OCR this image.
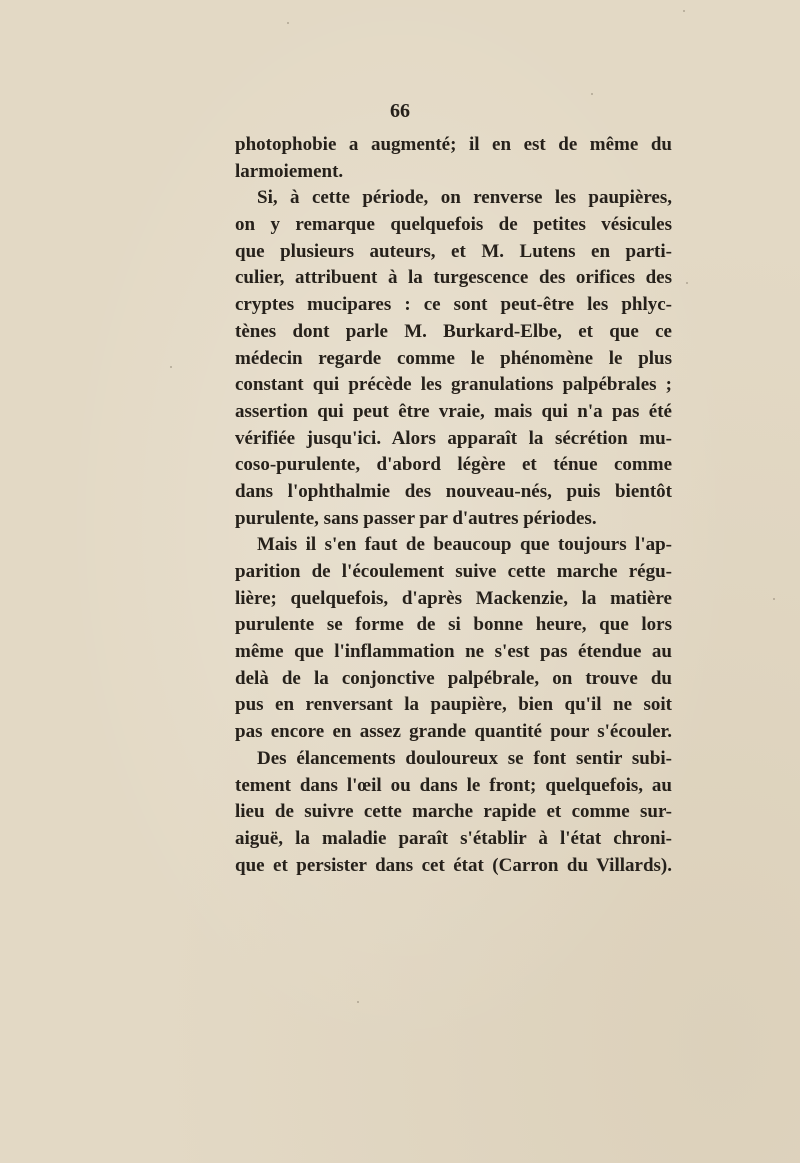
66
photophobie a augmenté; il en est de même du
larmoiement.
Si, à cette période, on renverse les paupières,
on y remarque quelquefois de petites vésicules
que plusieurs auteurs, et M. Lutens en parti-
culier, attribuent à la turgescence des orifices des
cryptes mucipares : ce sont peut-être les phlyc-
tènes dont parle M. Burkard-Elbe, et que ce
médecin regarde comme le phénomène le plus
constant qui précède les granulations palpébrales ;
assertion qui peut être vraie, mais qui n'a pas été
vérifiée jusqu'ici. Alors apparaît la sécrétion mu-
coso-purulente, d'abord légère et ténue comme
dans l'ophthalmie des nouveau-nés, puis bientôt
purulente, sans passer par d'autres périodes.
Mais il s'en faut de beaucoup que toujours l'ap-
parition de l'écoulement suive cette marche régu-
lière; quelquefois, d'après Mackenzie, la matière
purulente se forme de si bonne heure, que lors
même que l'inflammation ne s'est pas étendue au
delà de la conjonctive palpébrale, on trouve du
pus en renversant la paupière, bien qu'il ne soit
pas encore en assez grande quantité pour s'écouler.
Des élancements douloureux se font sentir subi-
tement dans l'œil ou dans le front; quelquefois, au
lieu de suivre cette marche rapide et comme sur-
aiguë, la maladie paraît s'établir à l'état chroni-
que et persister dans cet état (Carron du Villards).
